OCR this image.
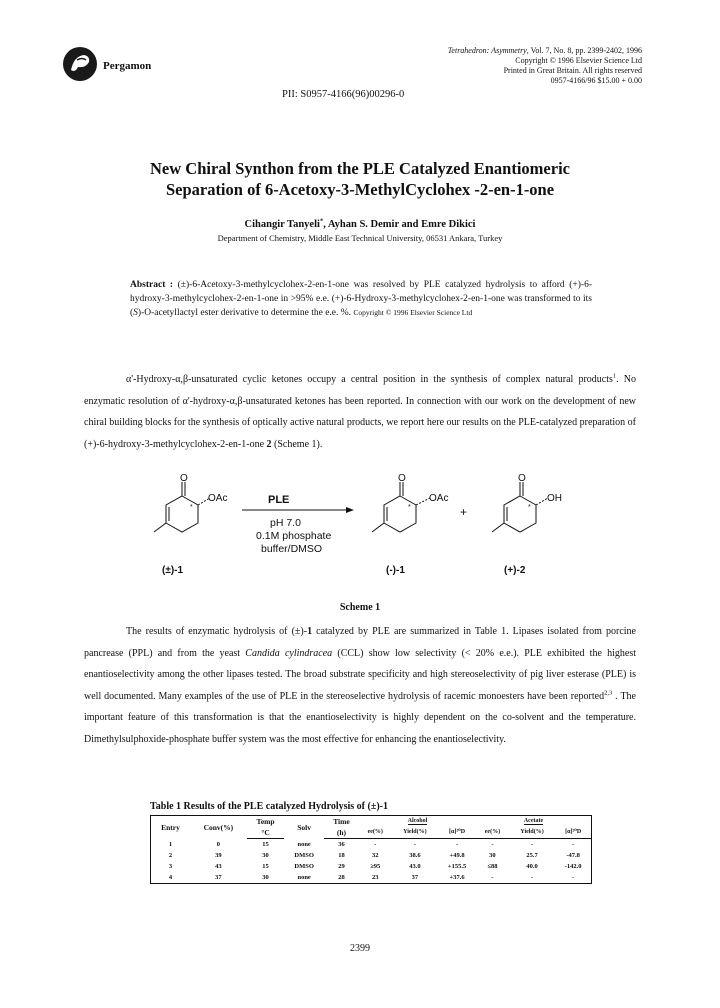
Pergamon
Tetrahedron: Asymmetry, Vol. 7, No. 8, pp. 2399-2402, 1996
Copyright © 1996 Elsevier Science Ltd
Printed in Great Britain. All rights reserved
0957-4166/96 $15.00 + 0.00
PII: S0957-4166(96)00296-0
New Chiral Synthon from the PLE Catalyzed Enantiomeric
Separation of 6-Acetoxy-3-MethylCyclohex -2-en-1-one
Cihangir Tanyeli*, Ayhan S. Demir and Emre Dikici
Department of Chemistry, Middle East Technical University, 06531 Ankara, Turkey
Abstract : (±)-6-Acetoxy-3-methylcyclohex-2-en-1-one was resolved by PLE catalyzed hydrolysis to afford (+)-6-hydroxy-3-methylcyclohex-2-en-1-one in >95% e.e. (+)-6-Hydroxy-3-methylcyclohex-2-en-1-one was transformed to its (S)-O-acetyllactyl ester derivative to determine the e.e. %. Copyright © 1996 Elsevier Science Ltd
α'-Hydroxy-α,β-unsaturated cyclic ketones occupy a central position in the synthesis of complex natural products$^1$. No enzymatic resolution of α'-hydroxy-α,β-unsaturated ketones has been reported. In connection with our work on the development of new chiral building blocks for the synthesis of optically active natural products, we report here our results on the PLE-catalyzed preparation of (+)-6-hydroxy-3-methylcyclohex-2-en-1-one 2 (Scheme 1).
O
OAc
*
PLE
pH 7.0
0.1M phosphate
buffer/DMSO
O
OAc
*	+
O
OH
*
(±)-1	(-)-1	(+)-2
Scheme 1
The results of enzymatic hydrolysis of (±)-1 catalyzed by PLE are summarized in Table 1. Lipases isolated from porcine pancrease (PPL) and from the yeast Candida cylindracea (CCL) show low selectivity (< 20% e.e.). PLE exhibited the highest enantioselectivity among the other lipases tested. The broad substrate specificity and high stereoselectivity of pig liver esterase (PLE) is well documented. Many examples of the use of PLE in the stereoselective hydrolysis of racemic monoesters have been reported$^{2,3}$ . The important feature of this transformation is that the enantioselectivity is highly dependent on the co-solvent and the temperature. Dimethylsulphoxide-phosphate buffer system was the most effective for enhancing the enantioselectivity.
Table 1 Results of the PLE catalyzed Hydrolysis of (±)-1
Entry	Conv(%)	Temp	Solv	Time	Alcohol			Acetate		
		°C		(h)	ee(%)	Yield(%)	[α]²⁰D	ee(%)	Yield(%)	[α]²⁰D
1	0	15	none	36	-	-	-	-	-	-
2	39	30	DMSO	18	32	38.6	+49.8	30	25.7	-47.8
3	43	15	DMSO	29	≥95	43.0	+155.5	≤88	40.0	-142.0
4	37	30	none	28	23	37	+37.6	-	-	-
2399
